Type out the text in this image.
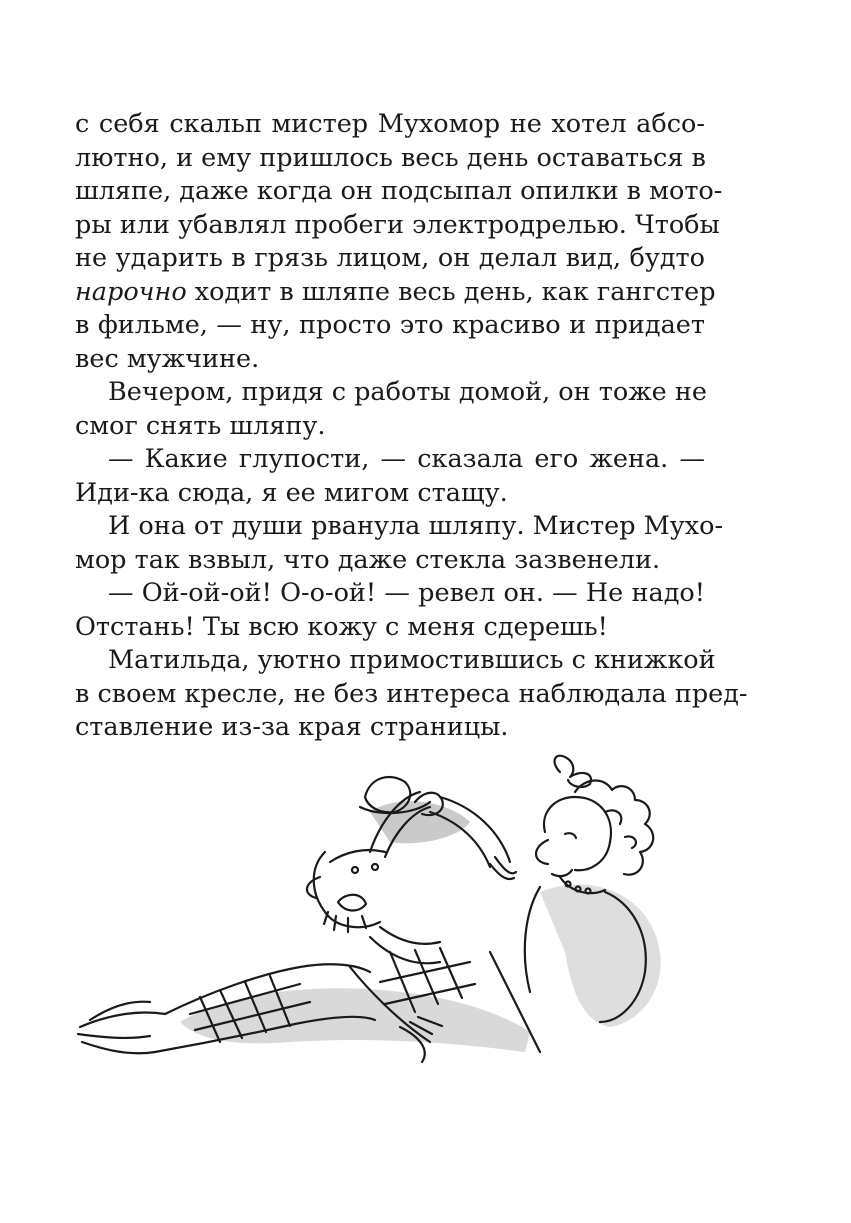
с себя скальп мистер Мухомор не хотел абсо-
лютно, и ему пришлось весь день оставаться в
шляпе, даже когда он подсыпал опилки в мото-
ры или убавлял пробеги электродрелью. Чтобы
не ударить в грязь лицом, он делал вид, будто
нарочно ходит в шляпе весь день, как гангстер
в фильме, — ну, просто это красиво и придает
вес мужчине.

Вечером, придя с работы домой, он тоже не
смог снять шляпу.

— Какие глупости, — сказала его жена. —
Иди-ка сюда, я ее мигом стащу.

И она от души рванула шляпу. Мистер Мухо-
мор так взвыл, что даже стекла зазвенели.

— Ой-ой-ой! О-о-ой! — ревел он. — Не надо!
Отстань! Ты всю кожу с меня сдерешь!

Матильда, уютно примостившись с книжкой
в своем кресле, не без интереса наблюдала пред-
ставление из-за края страницы.
